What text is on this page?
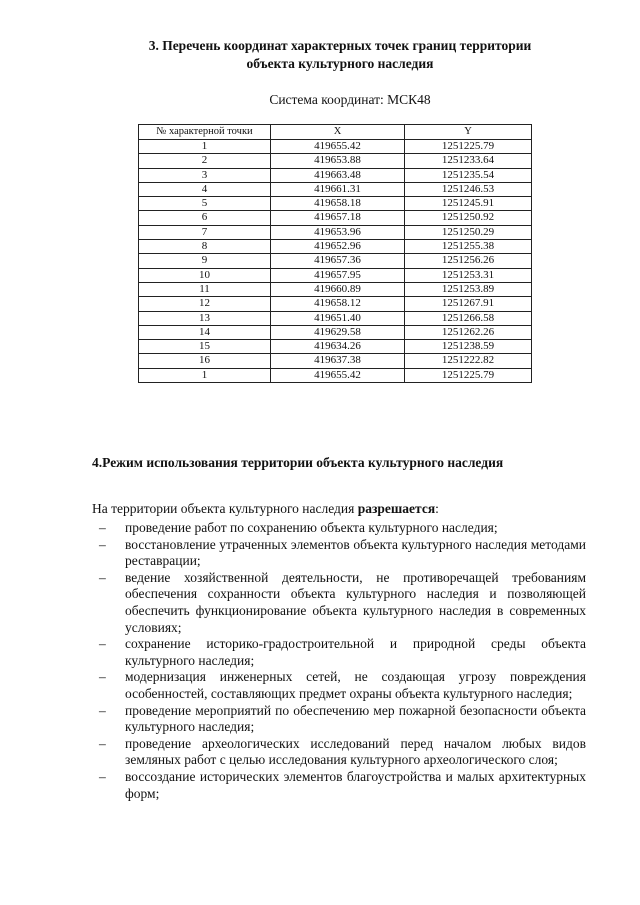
3. Перечень координат характерных точек границ территории
объекта культурного наследия
Система координат: МСК48
№ характерной точки	X	Y
1	419655.42	1251225.79
2	419653.88	1251233.64
3	419663.48	1251235.54
4	419661.31	1251246.53
5	419658.18	1251245.91
6	419657.18	1251250.92
7	419653.96	1251250.29
8	419652.96	1251255.38
9	419657.36	1251256.26
10	419657.95	1251253.31
11	419660.89	1251253.89
12	419658.12	1251267.91
13	419651.40	1251266.58
14	419629.58	1251262.26
15	419634.26	1251238.59
16	419637.38	1251222.82
1	419655.42	1251225.79
4.Режим использования территории объекта культурного наследия
На территории объекта культурного наследия разрешается:
– проведение работ по сохранению объекта культурного наследия;
– восстановление утраченных элементов объекта культурного наследия методами реставрации;
– ведение хозяйственной деятельности, не противоречащей требованиям обеспечения сохранности объекта культурного наследия и позволяющей обеспечить функционирование объекта культурного наследия в современных условиях;
– сохранение историко-градостроительной и природной среды объекта культурного наследия;
– модернизация инженерных сетей, не создающая угрозу повреждения особенностей, составляющих предмет охраны объекта культурного наследия;
– проведение мероприятий по обеспечению мер пожарной безопасности объекта культурного наследия;
– проведение археологических исследований перед началом любых видов земляных работ с целью исследования культурного археологического слоя;
– воссоздание исторических элементов благоустройства и малых архитектурных форм;
